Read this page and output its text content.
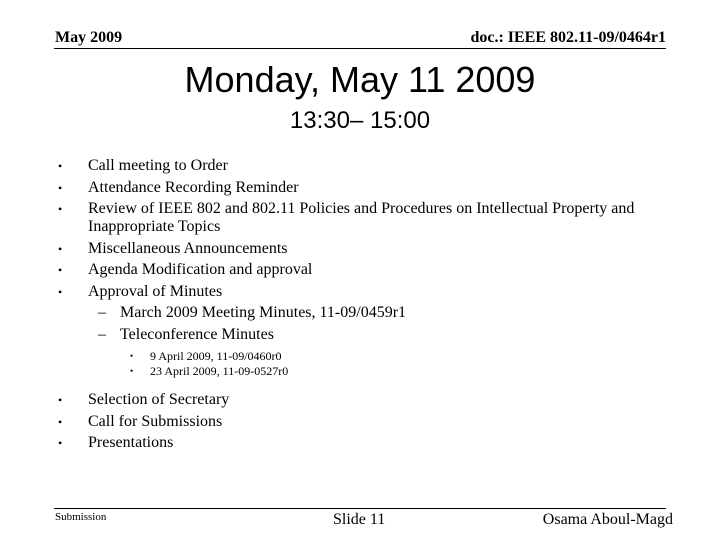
May 2009	doc.: IEEE 802.11-09/0464r1
Monday, May 11 2009
13:30– 15:00
• Call meeting to Order
• Attendance Recording Reminder
• Review of IEEE 802 and 802.11 Policies and Procedures on Intellectual Property and Inappropriate Topics
• Miscellaneous Announcements
• Agenda Modification and approval
• Approval of Minutes
– March 2009 Meeting Minutes, 11-09/0459r1
– Teleconference Minutes
• 9 April 2009, 11-09/0460r0
• 23 April 2009, 11-09-0527r0
• Selection of Secretary
• Call for Submissions
• Presentations
Submission	Slide 11	Osama Aboul-Magd
